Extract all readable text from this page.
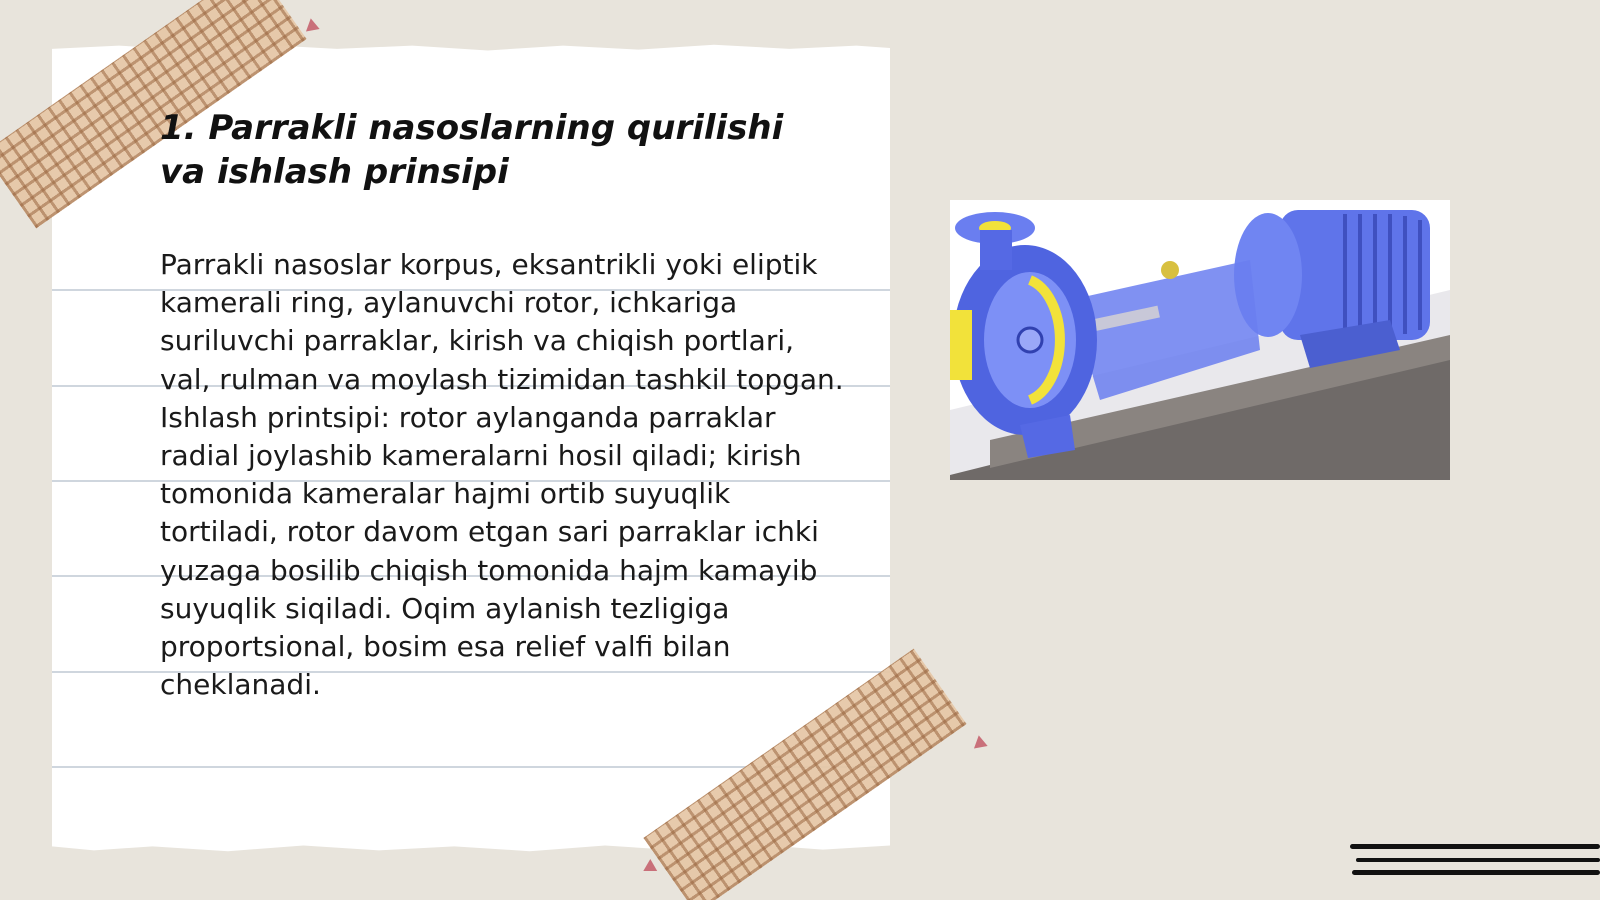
1. Parrakli nasoslarning qurilishi va ishlash prinsipi

Parrakli nasoslar korpus, eksantrikli yoki eliptik kamerali ring, aylanuvchi rotor, ichkariga suriluvchi parraklar, kirish va chiqish portlari, val, rulman va moylash tizimidan tashkil topgan. Ishlash printsipi: rotor aylanganda parraklar radial joylashib kameralarni hosil qiladi; kirish tomonida kameralar hajmi ortib suyuqlik tortiladi, rotor davom etgan sari parraklar ichki yuzaga bosilib chiqish tomonida hajm kamayib suyuqlik siqiladi. Oqim aylanish tezligiga proportsional, bosim esa relief valfi bilan cheklanadi.
